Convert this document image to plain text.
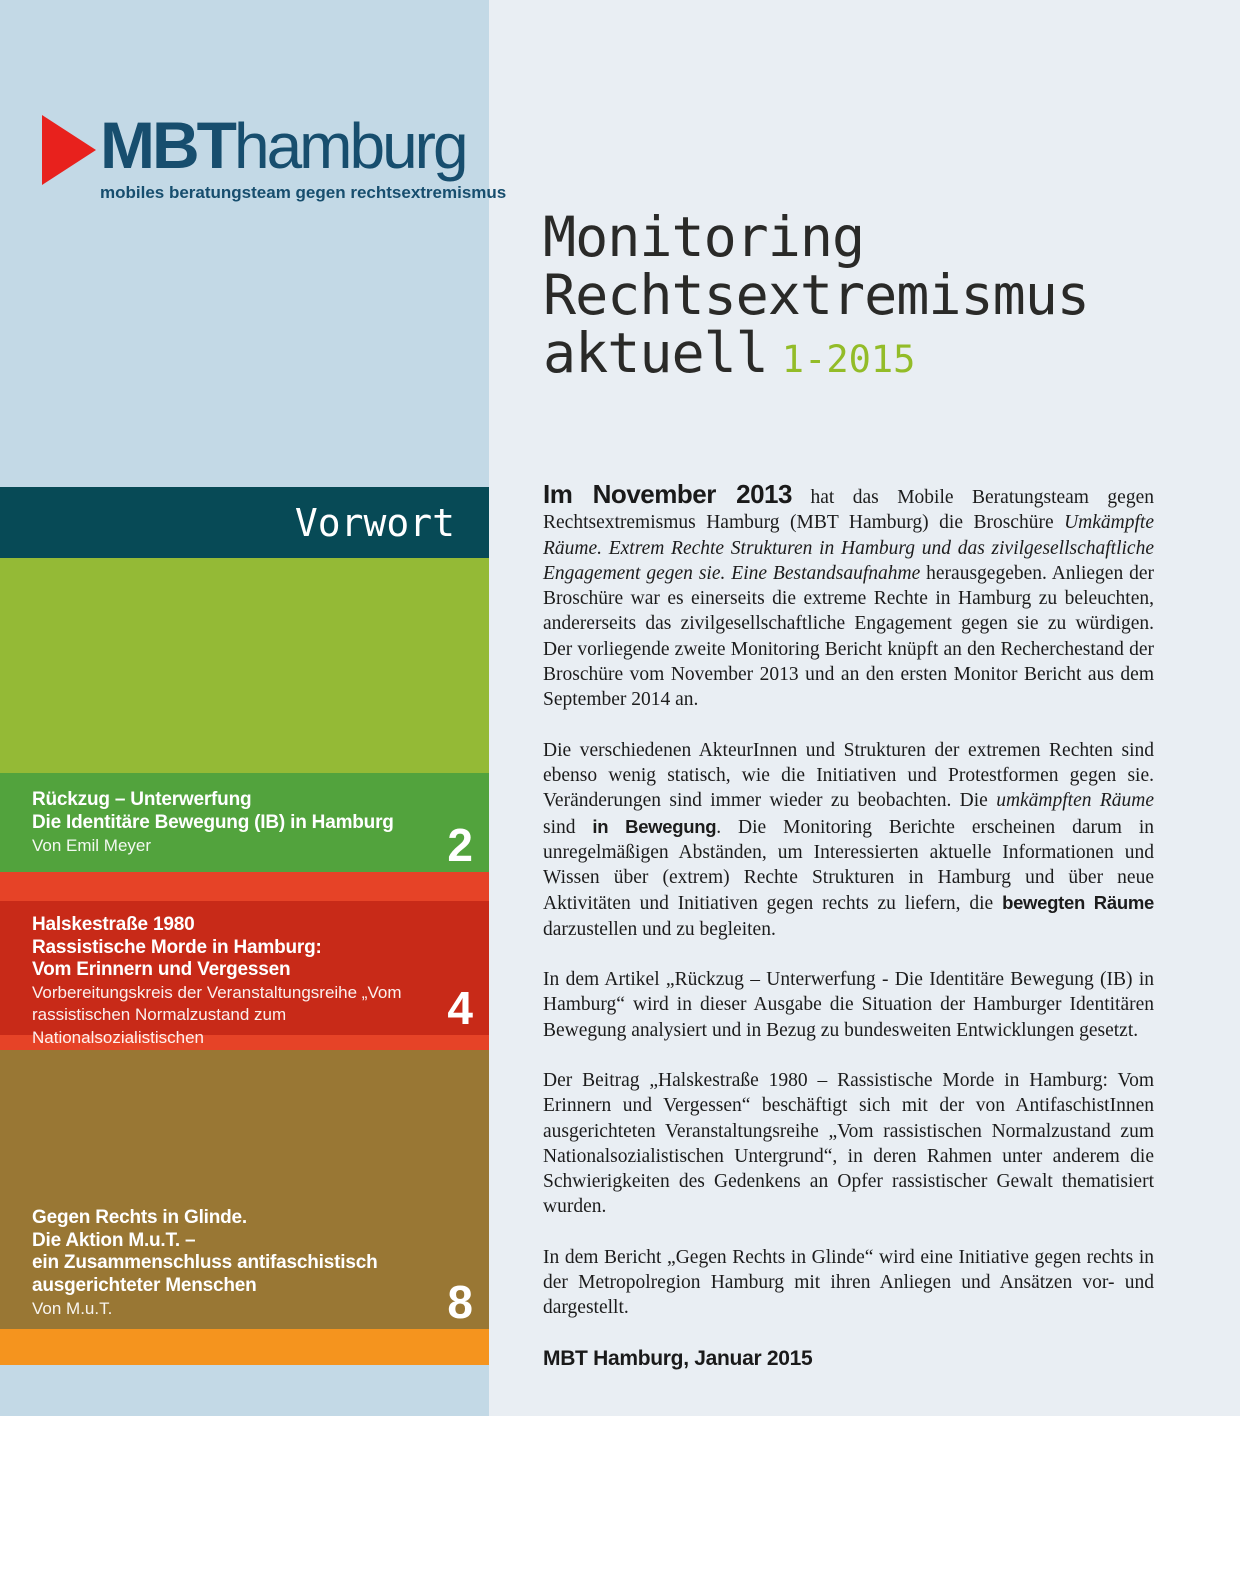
Monitoring
Rechtsextremismus
aktuell 1-2015

Im November 2013 hat das Mobile Beratungsteam gegen Rechtsextremismus Hamburg (MBT Hamburg) die Broschüre Umkämpfte Räume. Extrem Rechte Strukturen in Hamburg und das zivilgesellschaftliche Engagement gegen sie. Eine Bestandsaufnahme herausgegeben. Anliegen der Broschüre war es einerseits die extreme Rechte in Hamburg zu beleuchten, andererseits das zivilgesellschaftliche Engagement gegen sie zu würdigen. Der vorliegende zweite Monitoring Bericht knüpft an den Recherchestand der Broschüre vom November 2013 und an den ersten Monitor Bericht aus dem September 2014 an.

Die verschiedenen AkteurInnen und Strukturen der extremen Rechten sind ebenso wenig statisch, wie die Initiativen und Protestformen gegen sie. Veränderungen sind immer wieder zu beobachten. Die umkämpften Räume sind in Bewegung. Die Monitoring Berichte erscheinen darum in unregelmäßigen Abständen, um Interessierten aktuelle Informationen und Wissen über (extrem) Rechte Strukturen in Hamburg und über neue Aktivitäten und Initiativen gegen rechts zu liefern, die bewegten Räume darzustellen und zu begleiten.

In dem Artikel „Rückzug – Unterwerfung - Die Identitäre Bewegung (IB) in Hamburg“ wird in dieser Ausgabe die Situation der Hamburger Identitären Bewegung analysiert und in Bezug zu bundesweiten Entwicklungen gesetzt.

Der Beitrag „Halskestraße 1980 – Rassistische Morde in Hamburg: Vom Erinnern und Vergessen“ beschäftigt sich mit der von AntifaschistInnen ausgerichteten Veranstaltungsreihe „Vom rassistischen Normalzustand zum Nationalsozialistischen Untergrund“, in deren Rahmen unter anderem die Schwierigkeiten des Gedenkens an Opfer rassistischer Gewalt thematisiert wurden.

In dem Bericht „Gegen Rechts in Glinde“ wird eine Initiative gegen rechts in der Metropolregion Hamburg mit ihren Anliegen und Ansätzen vor- und dargestellt.

MBT Hamburg, Januar 2015
MBT hamburg
mobiles beratungsteam gegen rechtsextremismus
Vorwort
Rückzug – Unterwerfung
Die Identitäre Bewegung (IB) in Hamburg
Von Emil Meyer	2
Halskestraße 1980
Rassistische Morde in Hamburg:
Vom Erinnern und Vergessen
Vorbereitungskreis der Veranstaltungsreihe „Vom
rassistischen Normalzustand zum Nationalsozialistischen
4
Gegen Rechts in Glinde.
Die Aktion M.u.T. –
ein Zusammenschluss antifaschistisch
ausgerichteter Menschen
Von M.u.T.	8
